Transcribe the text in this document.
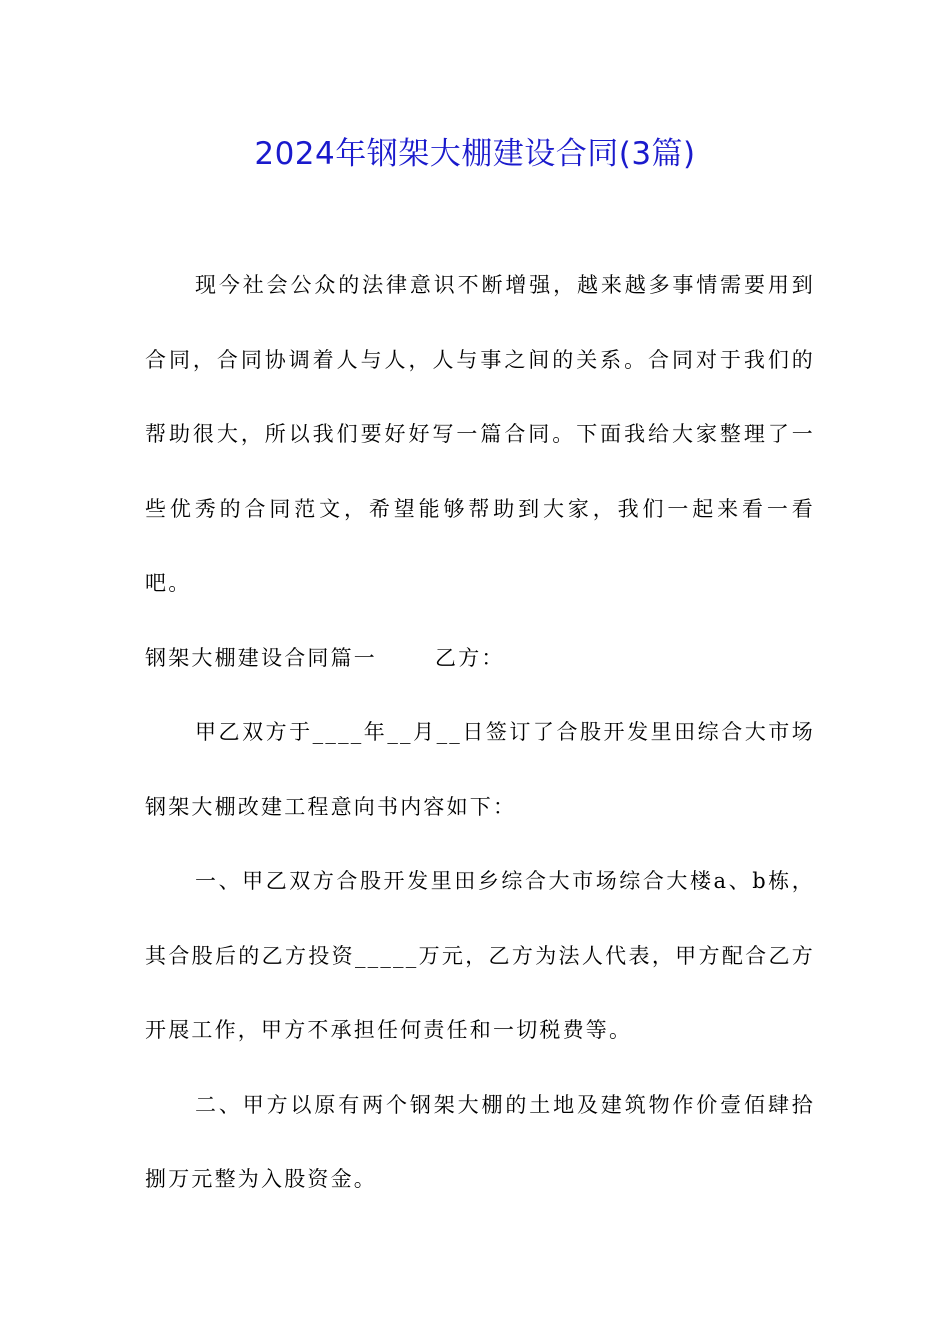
2024年钢架大棚建设合同(3篇)

现今社会公众的法律意识不断增强，越来越多事情需要用到合同，合同协调着人与人，人与事之间的关系。合同对于我们的帮助很大，所以我们要好好写一篇合同。下面我给大家整理了一些优秀的合同范文，希望能够帮助到大家，我们一起来看一看吧。

钢架大棚建设合同篇一	乙方：

甲乙双方于____年__月__日签订了合股开发里田综合大市场钢架大棚改建工程意向书内容如下：

一、甲乙双方合股开发里田乡综合大市场综合大楼a、b栋，其合股后的乙方投资_____万元，乙方为法人代表，甲方配合乙方开展工作，甲方不承担任何责任和一切税费等。

二、甲方以原有两个钢架大棚的土地及建筑物作价壹佰肆拾捌万元整为入股资金。
